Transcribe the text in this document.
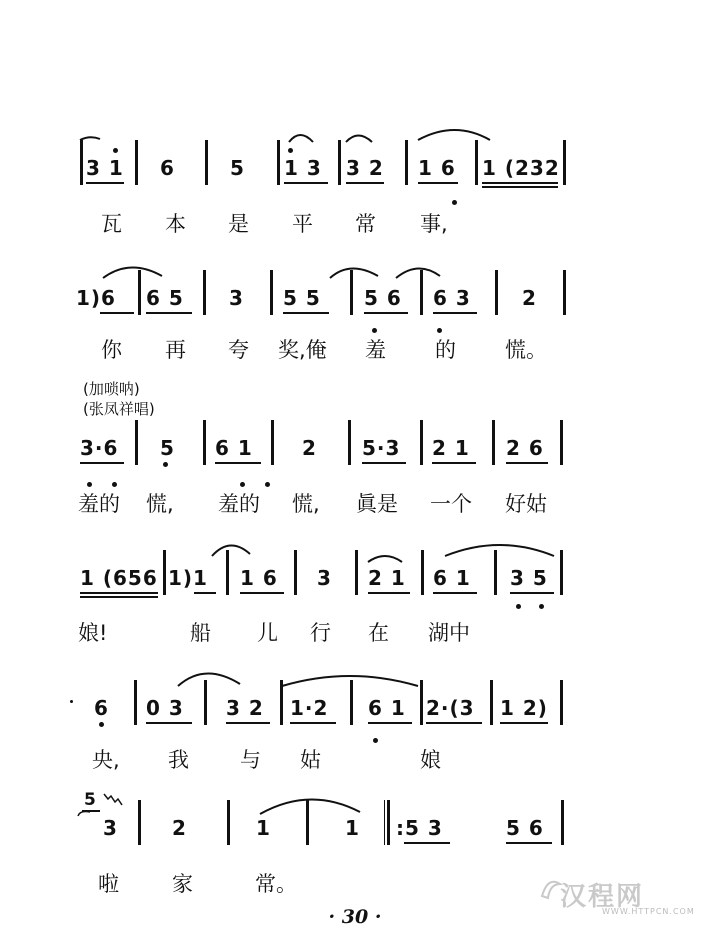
3 1 6	5 1 3 3 2 1 6 1 (232
瓦 本 是 平 常 事,
1)6 6 5 3 5 5 5 6 6 3	2
你 再 夸 奖,俺 羞 的 慌。
(加唢呐)
(张凤祥唱)
3·6 5 6 1 2 5·3 2 1 2 6
羞的 慌, 羞的 慌, 眞是 一个 好姑
1 (656 1)1 1 6 3 2 1 6 1 3 5
娘!	船 儿 行 在 湖中
6 0 3 3 2 1·2 6 1 2·(3 1 2)
央, 我 与 姑	娘
5
3	2	1	1 :5 3	5 6
啦	家	常。
· 30 ·
汉程网
WWW.HTTPCN.COM
